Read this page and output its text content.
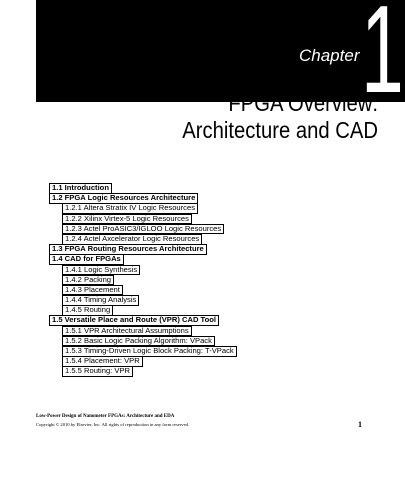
Chapter 1
FPGA Overview:
Architecture and CAD
1.1 Introduction
1.2 FPGA Logic Resources Architecture
1.2.1 Altera Stratix IV Logic Resources
1.2.2 Xilinx Virtex-5 Logic Resources
1.2.3 Actel ProASIC3/IGLOO Logic Resources
1.2.4 Actel Axcelerator Logic Resources
1.3 FPGA Routing Resources Architecture
1.4 CAD for FPGAs
1.4.1 Logic Synthesis
1.4.2 Packing
1.4.3 Placement
1.4.4 Timing Analysis
1.4.5 Routing
1.5 Versatile Place and Route (VPR) CAD Tool
1.5.1 VPR Architectural Assumptions
1.5.2 Basic Logic Packing Algorithm: VPack
1.5.3 Timing-Driven Logic Block Packing: T-VPack
1.5.4 Placement: VPR
1.5.5 Routing: VPR
Low-Power Design of Nanometer FPGAs: Architecture and EDA
Copyright © 2010 by Elsevier, Inc. All rights of reproduction in any form reserved.	1
